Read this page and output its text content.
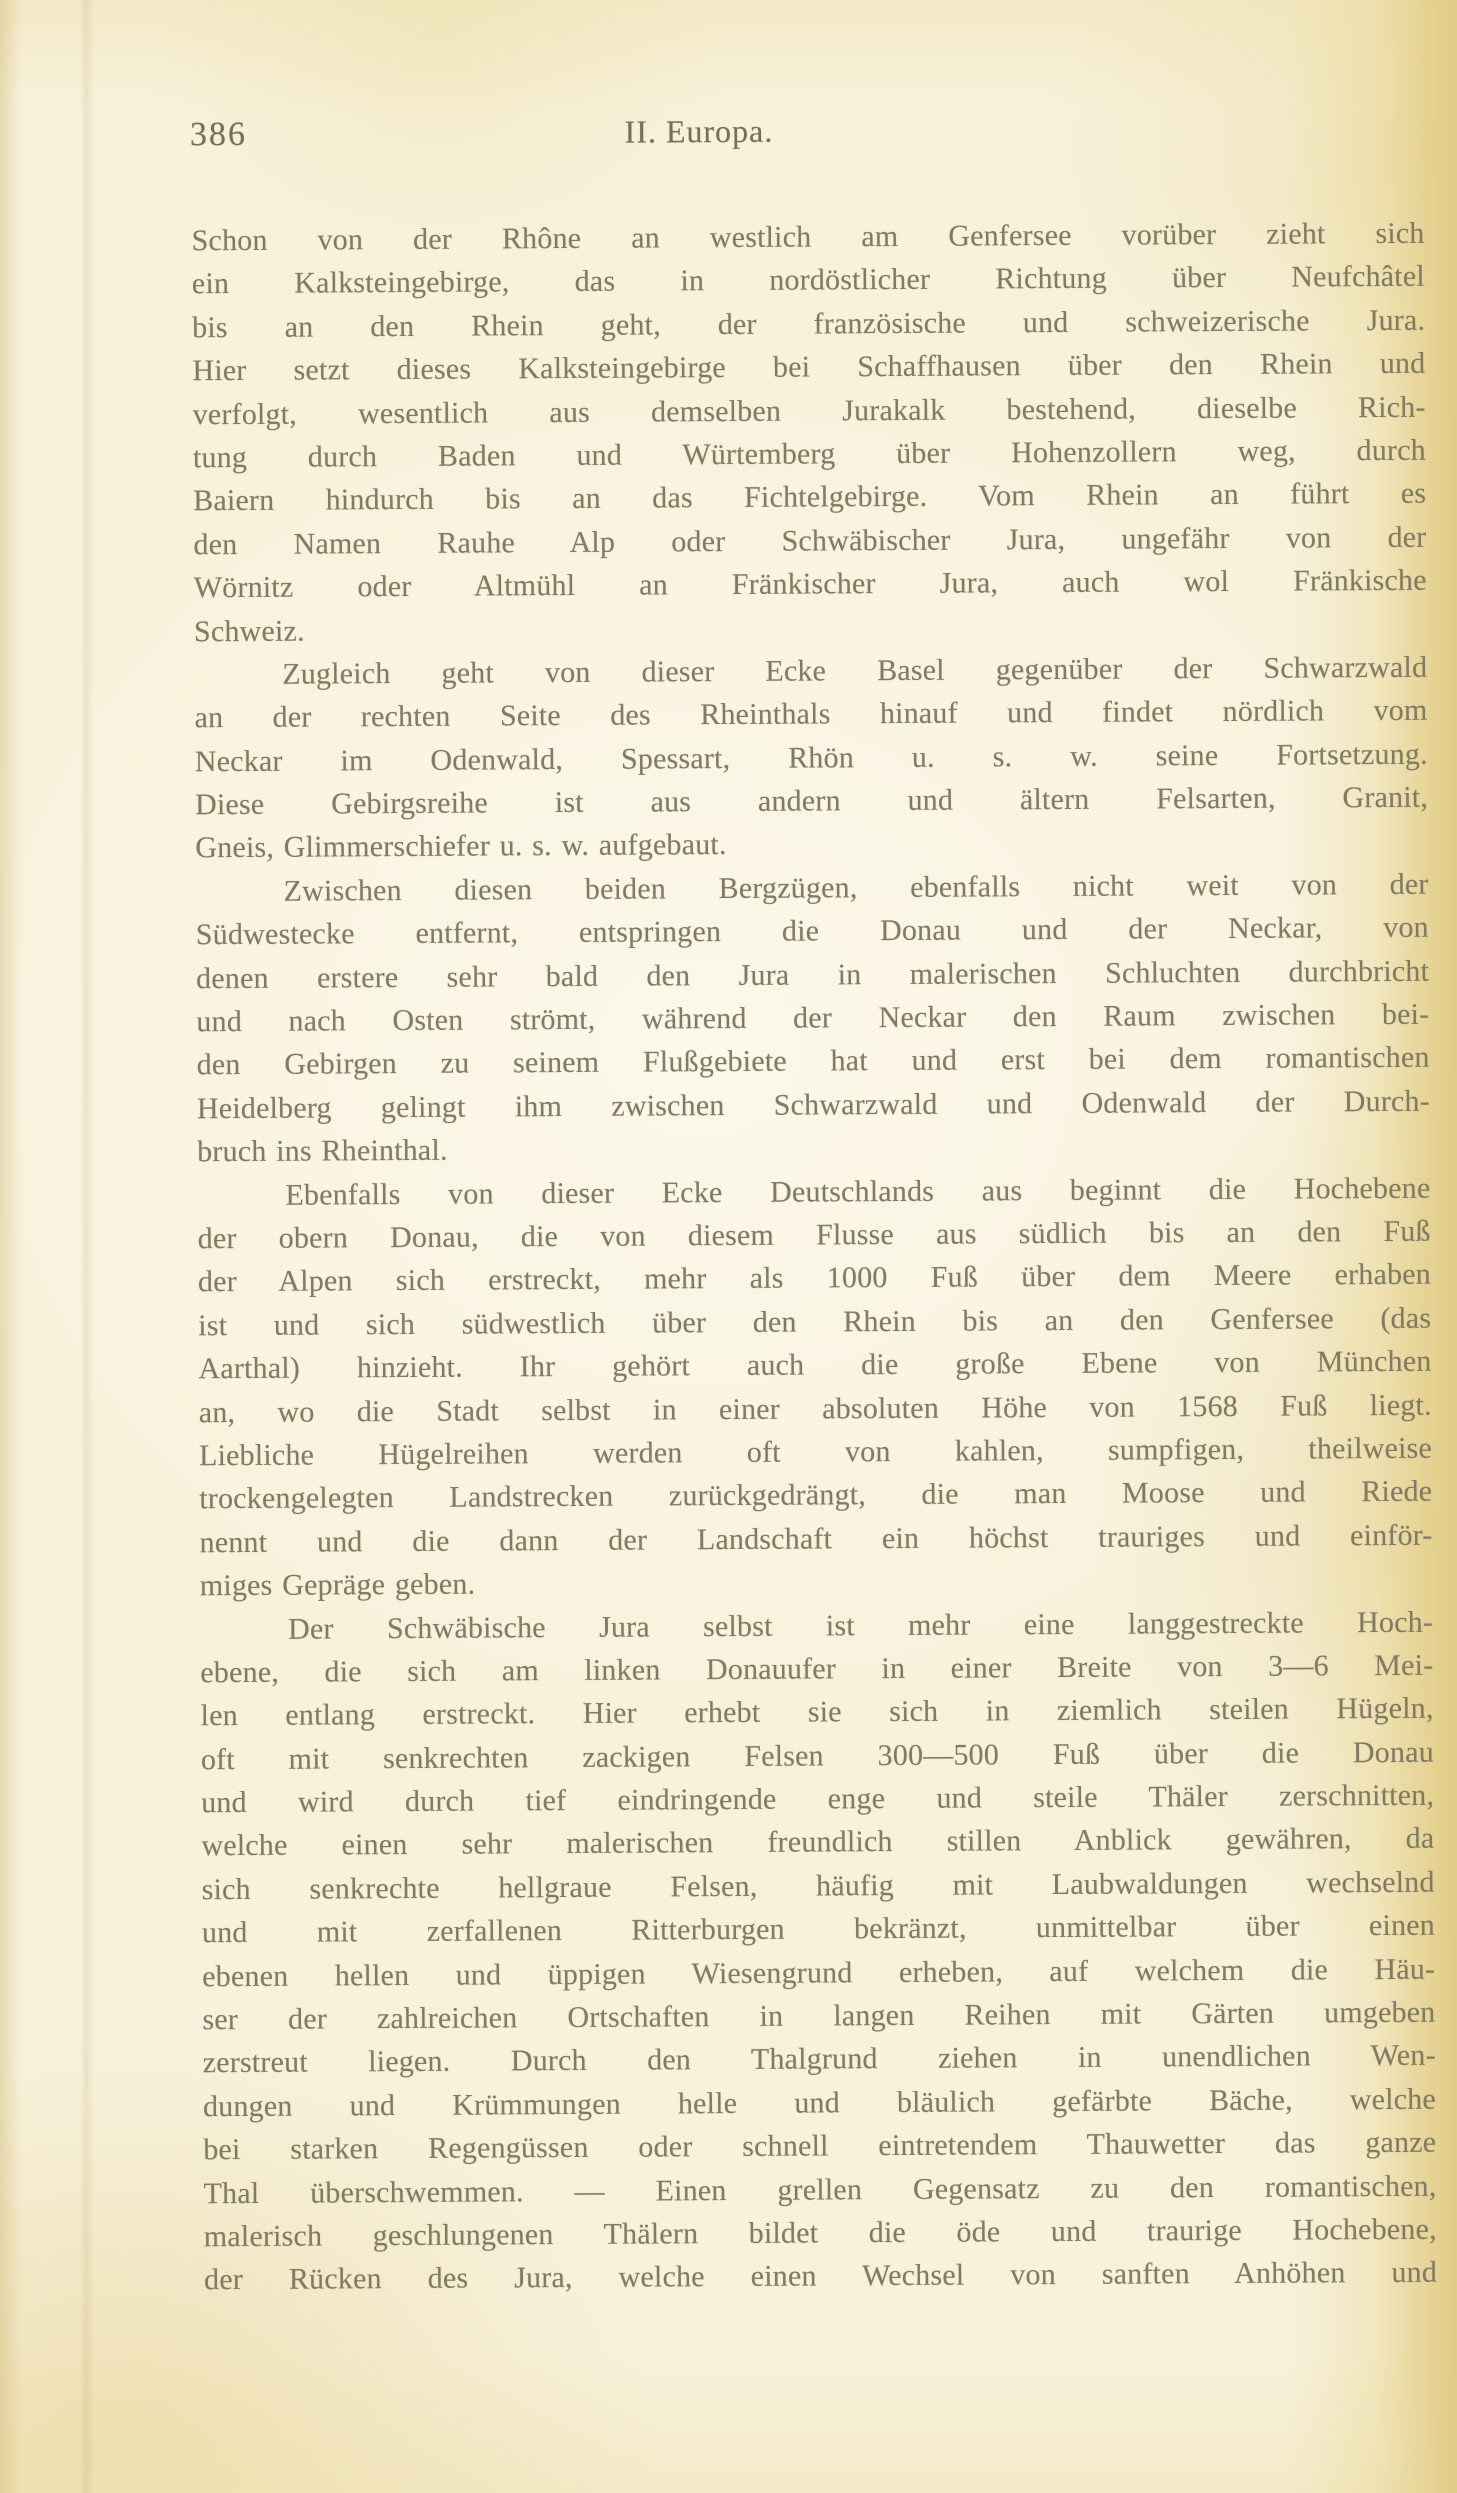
386	II. Europa.
Schon von der Rhône an westlich am Genfersee vorüber zieht sich
ein Kalksteingebirge, das in nordöstlicher Richtung über Neufchâtel
bis an den Rhein geht, der französische und schweizerische Jura.
Hier setzt dieses Kalksteingebirge bei Schaffhausen über den Rhein und
verfolgt, wesentlich aus demselben Jurakalk bestehend, dieselbe Rich-
tung durch Baden und Würtemberg über Hohenzollern weg, durch
Baiern hindurch bis an das Fichtelgebirge. Vom Rhein an führt es
den Namen Rauhe Alp oder Schwäbischer Jura, ungefähr von der
Wörnitz oder Altmühl an Fränkischer Jura, auch wol Fränkische
Schweiz.
Zugleich geht von dieser Ecke Basel gegenüber der Schwarzwald
an der rechten Seite des Rheinthals hinauf und findet nördlich vom
Neckar im Odenwald, Spessart, Rhön u. s. w. seine Fortsetzung.
Diese Gebirgsreihe ist aus andern und ältern Felsarten, Granit,
Gneis, Glimmerschiefer u. s. w. aufgebaut.
Zwischen diesen beiden Bergzügen, ebenfalls nicht weit von der
Südwestecke entfernt, entspringen die Donau und der Neckar, von
denen erstere sehr bald den Jura in malerischen Schluchten durchbricht
und nach Osten strömt, während der Neckar den Raum zwischen bei-
den Gebirgen zu seinem Flußgebiete hat und erst bei dem romantischen
Heidelberg gelingt ihm zwischen Schwarzwald und Odenwald der Durch-
bruch ins Rheinthal.
Ebenfalls von dieser Ecke Deutschlands aus beginnt die Hochebene
der obern Donau, die von diesem Flusse aus südlich bis an den Fuß
der Alpen sich erstreckt, mehr als 1000 Fuß über dem Meere erhaben
ist und sich südwestlich über den Rhein bis an den Genfersee (das
Aarthal) hinzieht. Ihr gehört auch die große Ebene von München
an, wo die Stadt selbst in einer absoluten Höhe von 1568 Fuß liegt.
Liebliche Hügelreihen werden oft von kahlen, sumpfigen, theilweise
trockengelegten Landstrecken zurückgedrängt, die man Moose und Riede
nennt und die dann der Landschaft ein höchst trauriges und einför-
miges Gepräge geben.
Der Schwäbische Jura selbst ist mehr eine langgestreckte Hoch-
ebene, die sich am linken Donauufer in einer Breite von 3—6 Mei-
len entlang erstreckt. Hier erhebt sie sich in ziemlich steilen Hügeln,
oft mit senkrechten zackigen Felsen 300—500 Fuß über die Donau
und wird durch tief eindringende enge und steile Thäler zerschnitten,
welche einen sehr malerischen freundlich stillen Anblick gewähren, da
sich senkrechte hellgraue Felsen, häufig mit Laubwaldungen wechselnd
und mit zerfallenen Ritterburgen bekränzt, unmittelbar über einen
ebenen hellen und üppigen Wiesengrund erheben, auf welchem die Häu-
ser der zahlreichen Ortschaften in langen Reihen mit Gärten umgeben
zerstreut liegen. Durch den Thalgrund ziehen in unendlichen Wen-
dungen und Krümmungen helle und bläulich gefärbte Bäche, welche
bei starken Regengüssen oder schnell eintretendem Thauwetter das ganze
Thal überschwemmen. — Einen grellen Gegensatz zu den romantischen,
malerisch geschlungenen Thälern bildet die öde und traurige Hochebene,
der Rücken des Jura, welche einen Wechsel von sanften Anhöhen und
